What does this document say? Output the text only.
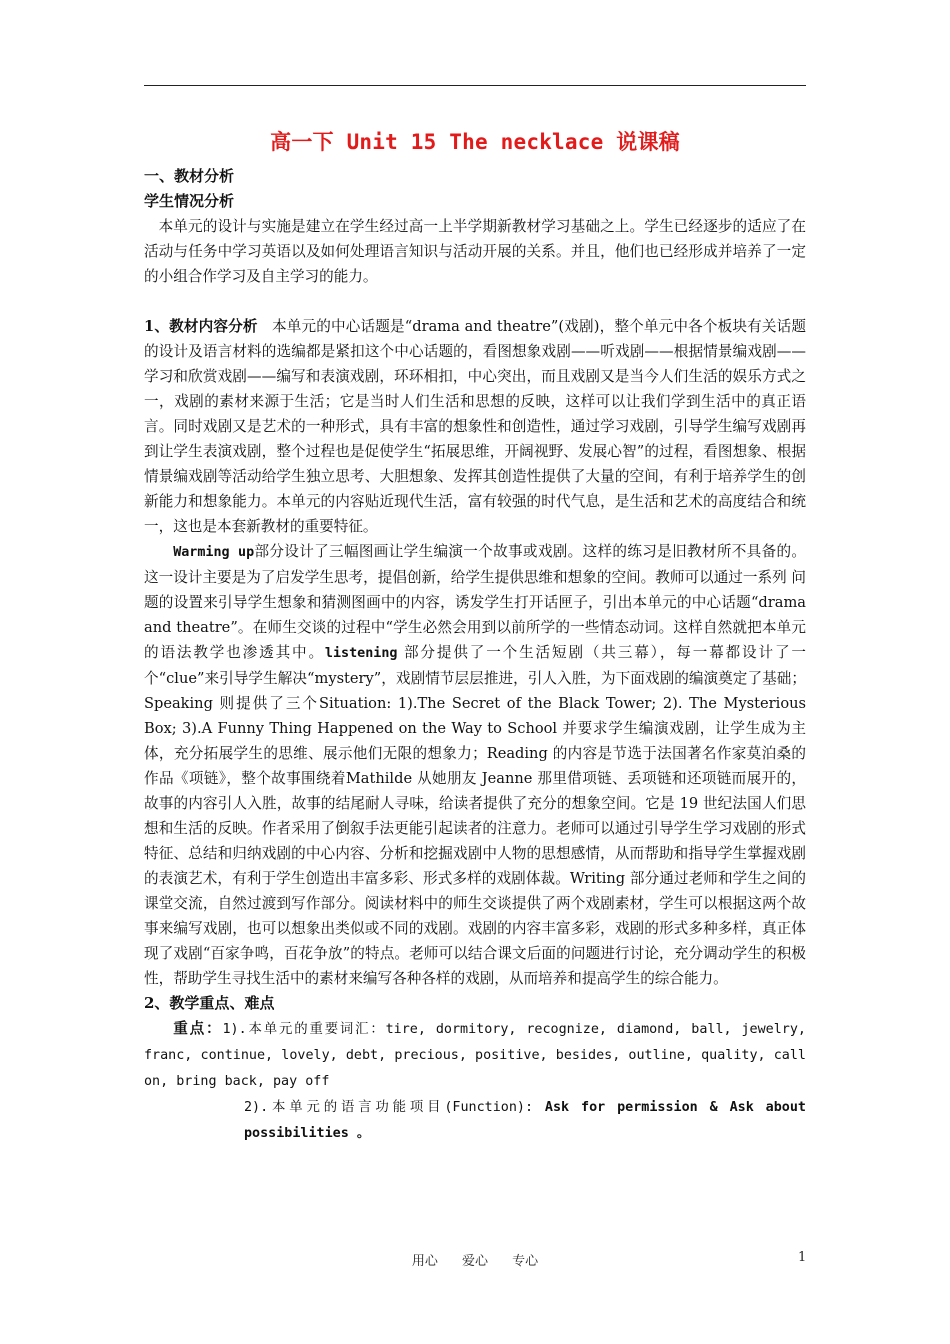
高一下 Unit 15 The necklace 说课稿
一、教材分析
学生情况分析

本单元的设计与实施是建立在学生经过高一上半学期新教材学习基础之上。学生已经逐步的适应了在活动与任务中学习英语以及如何处理语言知识与活动开展的关系。并且，他们也已经形成并培养了一定的小组合作学习及自主学习的能力。

1、教材内容分析 本单元的中心话题是“drama and theatre”(戏剧)，整个单元中各个板块有关话题的设计及语言材料的选编都是紧扣这个中心话题的，看图想象戏剧——听戏剧——根据情景编戏剧——学习和欣赏戏剧——编写和表演戏剧，环环相扣，中心突出，而且戏剧又是当今人们生活的娱乐方式之一，戏剧的素材来源于生活；它是当时人们生活和思想的反映，这样可以让我们学到生活中的真正语言。同时戏剧又是艺术的一种形式，具有丰富的想象性和创造性，通过学习戏剧，引导学生编写戏剧再到让学生表演戏剧，整个过程也是促使学生“拓展思维，开阔视野、发展心智”的过程，看图想象、根据情景编戏剧等活动给学生独立思考、大胆想象、发挥其创造性提供了大量的空间，有利于培养学生的创新能力和想象能力。本单元的内容贴近现代生活，富有较强的时代气息，是生活和艺术的高度结合和统一，这也是本套新教材的重要特征。

Warming up部分设计了三幅图画让学生编演一个故事或戏剧。这样的练习是旧教材所不具备的。这一设计主要是为了启发学生思考，提倡创新，给学生提供思维和想象的空间。教师可以通过一系列 问题的设置来引导学生想象和猜测图画中的内容，诱发学生打开话匣子，引出本单元的中心话题“drama and theatre”。在师生交谈的过程中“学生必然会用到以前所学的一些情态动词。这样自然就把本单元的语法教学也渗透其中。listening 部分提供了一个生活短剧（共三幕），每一幕都设计了一个“clue”来引导学生解决“mystery”，戏剧情节层层推进，引人入胜，为下面戏剧的编演奠定了基础；Speaking 则提供了三个Situation: 1).The Secret of the Black Tower; 2). The Mysterious Box; 3).A Funny Thing Happened on the Way to School 并要求学生编演戏剧，让学生成为主体，充分拓展学生的思维、展示他们无限的想象力；Reading 的内容是节选于法国著名作家莫泊桑的作品《项链》，整个故事围绕着Mathilde 从她朋友 Jeanne 那里借项链、丢项链和还项链而展开的，故事的内容引人入胜，故事的结尾耐人寻味，给读者提供了充分的想象空间。它是 19 世纪法国人们思想和生活的反映。作者采用了倒叙手法更能引起读者的注意力。老师可以通过引导学生学习戏剧的形式特征、总结和归纳戏剧的中心内容、分析和挖掘戏剧中人物的思想感情，从而帮助和指导学生掌握戏剧的表演艺术，有利于学生创造出丰富多彩、形式多样的戏剧体裁。Writing 部分通过老师和学生之间的课堂交流，自然过渡到写作部分。阅读材料中的师生交谈提供了两个戏剧素材，学生可以根据这两个故事来编写戏剧，也可以想象出类似或不同的戏剧。戏剧的内容丰富多彩，戏剧的形式多种多样，真正体现了戏剧“百家争鸣，百花争放”的特点。老师可以结合课文后面的问题进行讨论，充分调动学生的积极性，帮助学生寻找生活中的素材来编写各种各样的戏剧，从而培养和提高学生的综合能力。

2、教学重点、难点

重点：1).本单元的重要词汇：tire, dormitory, recognize, diamond, ball, jewelry, franc, continue, lovely, debt, precious, positive, besides, outline, quality, call on, bring back, pay off

2).本单元的语言功能项目(Function): Ask for permission & Ask about possibilities 。

用心 爱心 专心	1
